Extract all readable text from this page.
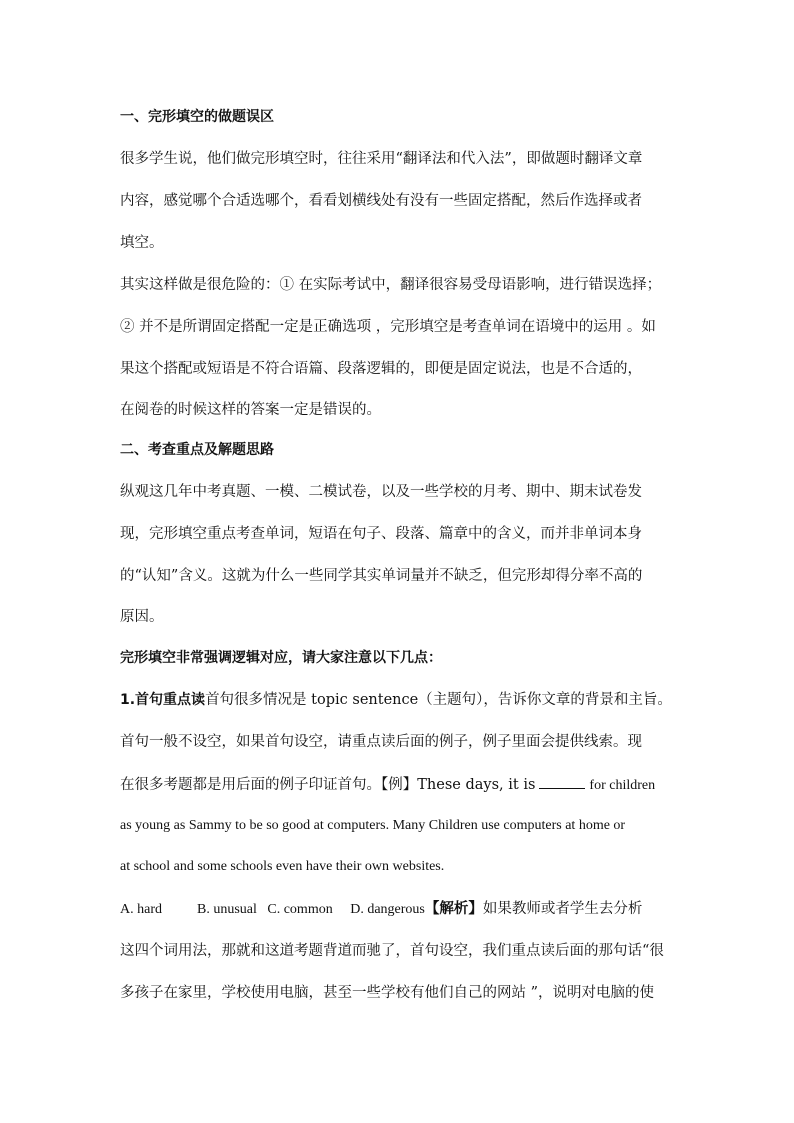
一、完形填空的做题误区
很多学生说，他们做完形填空时，往往采用“翻译法和代入法”，即做题时翻译文章
内容，感觉哪个合适选哪个，看看划横线处有没有一些固定搭配，然后作选择或者
填空。
其实这样做是很危险的：① 在实际考试中，翻译很容易受母语影响，进行错误选择；
② 并不是所谓固定搭配一定是正确选项 ，完形填空是考查单词在语境中的运用 。如
果这个搭配或短语是不符合语篇、段落逻辑的，即便是固定说法，也是不合适的，
在阅卷的时候这样的答案一定是错误的。
二、考查重点及解题思路
纵观这几年中考真题、一模、二模试卷，以及一些学校的月考、期中、期末试卷发
现，完形填空重点考查单词，短语在句子、段落、篇章中的含义，而并非单词本身
的“认知”含义。这就为什么一些同学其实单词量并不缺乏，但完形却得分率不高的
原因。
完形填空非常强调逻辑对应，请大家注意以下几点：
1.首句重点读首句很多情况是 topic sentence（主题句），告诉你文章的背景和主旨。
首句一般不设空，如果首句设空，请重点读后面的例子，例子里面会提供线索。现
在很多考题都是用后面的例子印证首句。【例】These days, it is	for children
as young as Sammy to be so good at computers. Many Children use computers at home or
at school and some schools even have their own websites.
A. hard          B. unusual   C. common     D. dangerous【解析】如果教师或者学生去分析
这四个词用法，那就和这道考题背道而驰了，首句设空，我们重点读后面的那句话“很
多孩子在家里，学校使用电脑，甚至一些学校有他们自己的网站 ”，说明对电脑的使
